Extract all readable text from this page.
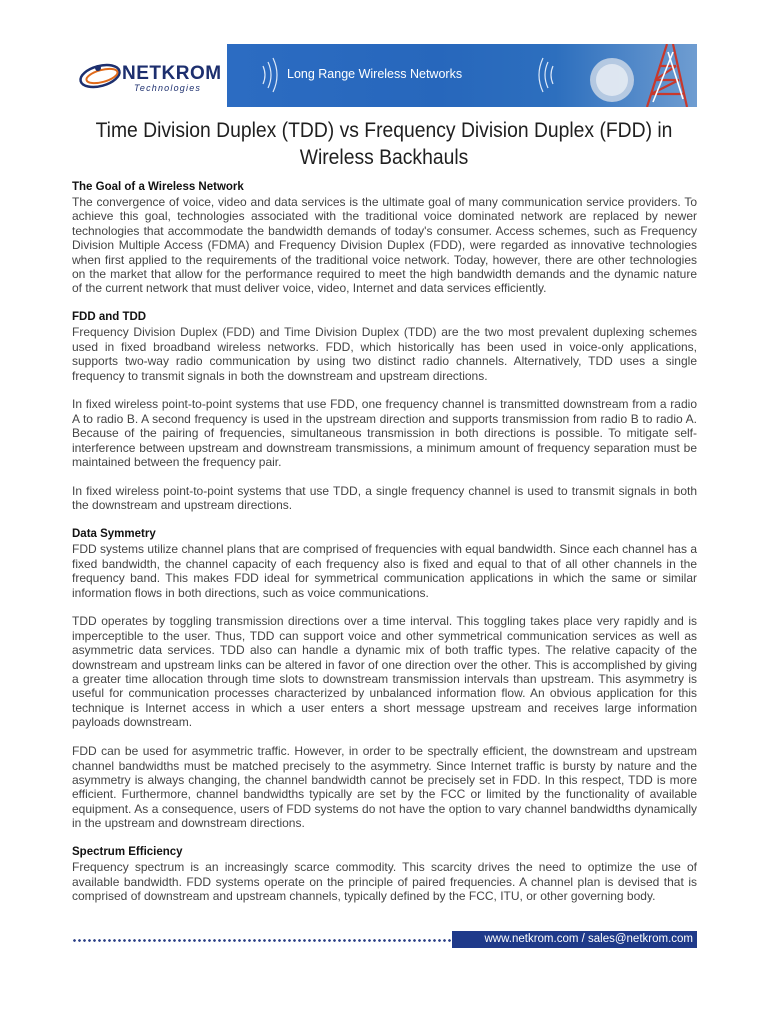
NETKROM
Technologies
Long Range Wireless Networks
Time Division Duplex (TDD) vs Frequency Division Duplex (FDD) in Wireless Backhauls
The Goal of a Wireless Network

The convergence of voice, video and data services is the ultimate goal of many communication service providers. To achieve this goal, technologies associated with the traditional voice dominated network are replaced by newer technologies that accommodate the bandwidth demands of today's consumer. Access schemes, such as Frequency Division Multiple Access (FDMA) and Frequency Division Duplex (FDD), were regarded as innovative technologies when first applied to the requirements of the traditional voice network. Today, however, there are other technologies on the market that allow for the performance required to meet the high bandwidth demands and the dynamic nature of the current network that must deliver voice, video, Internet and data services efficiently.

FDD and TDD

Frequency Division Duplex (FDD) and Time Division Duplex (TDD) are the two most prevalent duplexing schemes used in fixed broadband wireless networks. FDD, which historically has been used in voice-only applications, supports two-way radio communication by using two distinct radio channels. Alternatively, TDD uses a single frequency to transmit signals in both the downstream and upstream directions.

In fixed wireless point-to-point systems that use FDD, one frequency channel is transmitted downstream from a radio A to radio B. A second frequency is used in the upstream direction and supports transmission from radio B to radio A. Because of the pairing of frequencies, simultaneous transmission in both directions is possible. To mitigate self-interference between upstream and downstream transmissions, a minimum amount of frequency separation must be maintained between the frequency pair.

In fixed wireless point-to-point systems that use TDD, a single frequency channel is used to transmit signals in both the downstream and upstream directions.

Data Symmetry

FDD systems utilize channel plans that are comprised of frequencies with equal bandwidth. Since each channel has a fixed bandwidth, the channel capacity of each frequency also is fixed and equal to that of all other channels in the frequency band. This makes FDD ideal for symmetrical communication applications in which the same or similar information flows in both directions, such as voice communications.

TDD operates by toggling transmission directions over a time interval. This toggling takes place very rapidly and is imperceptible to the user. Thus, TDD can support voice and other symmetrical communication services as well as asymmetric data services. TDD also can handle a dynamic mix of both traffic types. The relative capacity of the downstream and upstream links can be altered in favor of one direction over the other. This is accomplished by giving a greater time allocation through time slots to downstream transmission intervals than upstream. This asymmetry is useful for communication processes characterized by unbalanced information flow. An obvious application for this technique is Internet access in which a user enters a short message upstream and receives large information payloads downstream.

FDD can be used for asymmetric traffic. However, in order to be spectrally efficient, the downstream and upstream channel bandwidths must be matched precisely to the asymmetry. Since Internet traffic is bursty by nature and the asymmetry is always changing, the channel bandwidth cannot be precisely set in FDD. In this respect, TDD is more efficient. Furthermore, channel bandwidths typically are set by the FCC or limited by the functionality of available equipment. As a consequence, users of FDD systems do not have the option to vary channel bandwidths dynamically in the upstream and downstream directions.

Spectrum Efficiency

Frequency spectrum is an increasingly scarce commodity. This scarcity drives the need to optimize the use of available bandwidth. FDD systems operate on the principle of paired frequencies. A channel plan is devised that is comprised of downstream and upstream channels, typically defined by the FCC, ITU, or other governing body.

www.netkrom.com / sales@netkrom.com
